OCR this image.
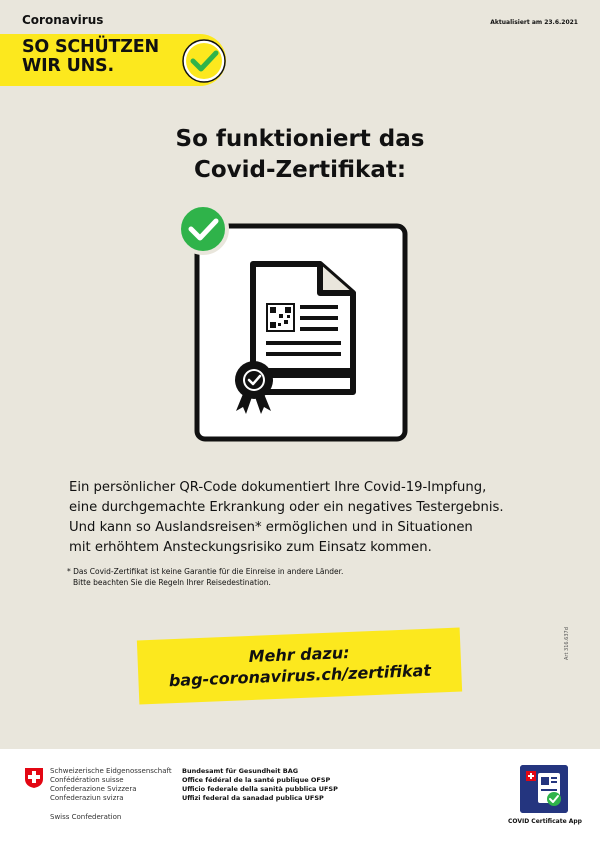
Coronavirus	Aktualisiert am 23.6.2021
SO SCHÜTZEN
WIR UNS.
So funktioniert das
Covid-Zertifikat:
Ein persönlicher QR-Code dokumentiert Ihre Covid-19-Impfung,
eine durchgemachte Erkrankung oder ein negatives Testergebnis.
Und kann so Auslandsreisen* ermöglichen und in Situationen
mit erhöhtem Ansteckungsrisiko zum Einsatz kommen.
* Das Covid-Zertifikat ist keine Garantie für die Einreise in andere Länder.
Bitte beachten Sie die Regeln Ihrer Reisedestination.
Mehr dazu:
bag-coronavirus.ch/zertifikat
Art 316.637d
Schweizerische Eidgenossenschaft
Confédération suisse
Confederazione Svizzera
Confederaziun svizra
Swiss Confederation
Bundesamt für Gesundheit BAG
Office fédéral de la santé publique OFSP
Ufficio federale della sanità pubblica UFSP
Uffizi federal da sanadad publica UFSP
COVID Certificate App
